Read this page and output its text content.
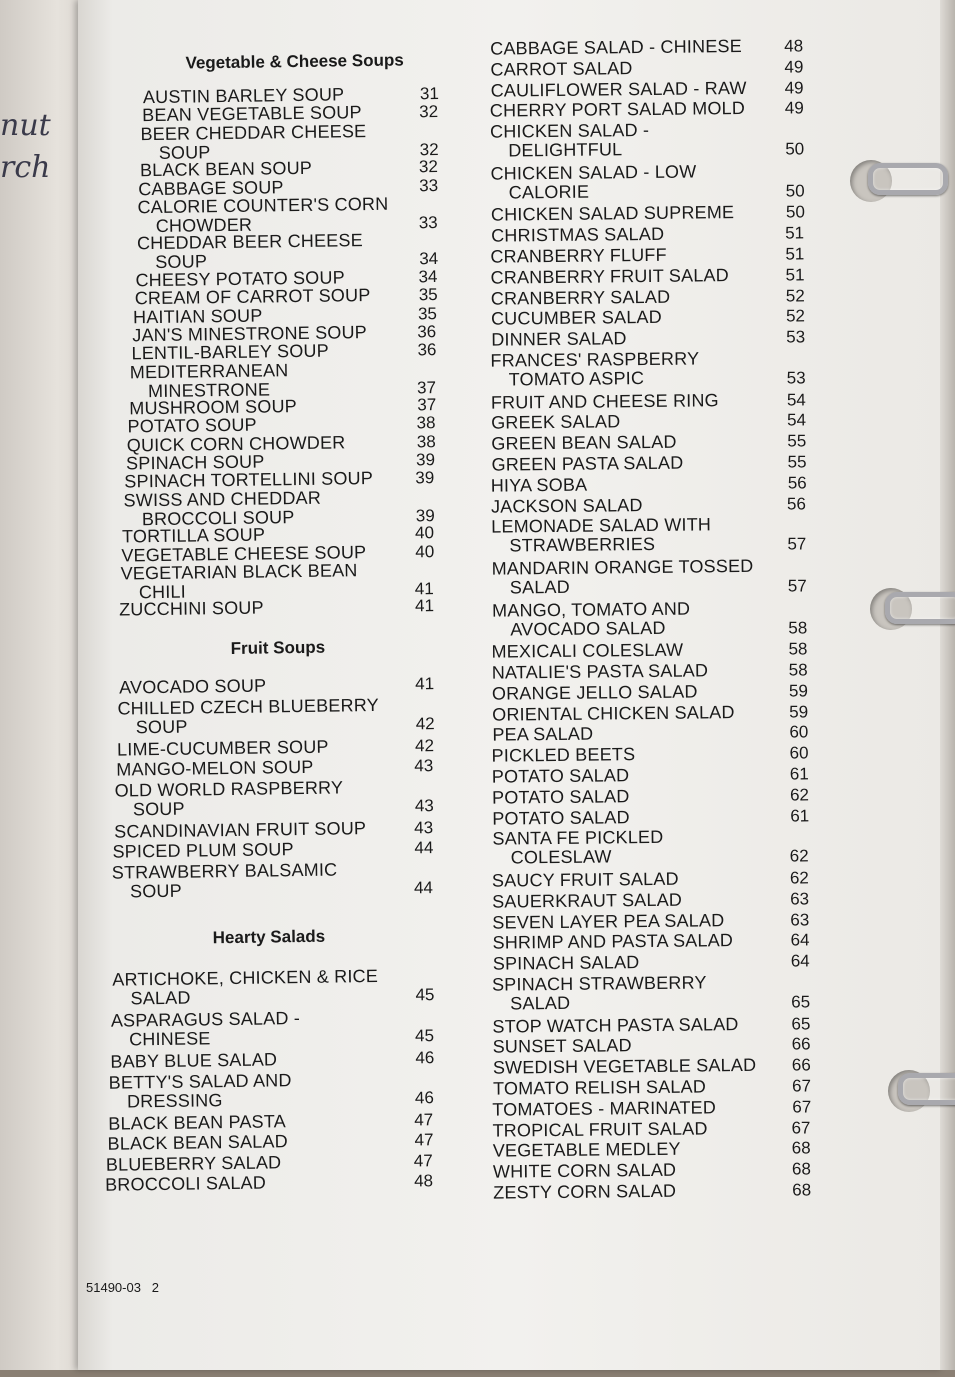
nut
rch
Vegetable & Cheese Soups
Fruit Soups
Hearty Salads
AUSTIN BARLEY SOUP	31
BEAN VEGETABLE SOUP	32
BEER CHEDDAR CHEESE
SOUP	32
BLACK BEAN SOUP	32
CABBAGE SOUP	33
CALORIE COUNTER'S CORN
CHOWDER	33
CHEDDAR BEER CHEESE
SOUP	34
CHEESY POTATO SOUP	34
CREAM OF CARROT SOUP	35
HAITIAN SOUP	35
JAN'S MINESTRONE SOUP	36
LENTIL-BARLEY SOUP	36
MEDITERRANEAN
MINESTRONE	37
MUSHROOM SOUP	37
POTATO SOUP	38
QUICK CORN CHOWDER	38
SPINACH SOUP	39
SPINACH TORTELLINI SOUP 39
SWISS AND CHEDDAR
BROCCOLI SOUP	39
TORTILLA SOUP	40
VEGETABLE CHEESE SOUP	40
VEGETARIAN BLACK BEAN
CHILI	41
ZUCCHINI SOUP	41
AVOCADO SOUP	41
CHILLED CZECH BLUEBERRY
SOUP	42
LIME-CUCUMBER SOUP	42
MANGO-MELON SOUP	43
OLD WORLD RASPBERRY
SOUP	43
SCANDINAVIAN FRUIT SOUP	43
SPICED PLUM SOUP	44
STRAWBERRY BALSAMIC
SOUP	44
ARTICHOKE, CHICKEN & RICE
SALAD	45
ASPARAGUS SALAD -
CHINESE	45
BABY BLUE SALAD	46
BETTY'S SALAD AND
DRESSING	46
BLACK BEAN PASTA	47
BLACK BEAN SALAD	47
BLUEBERRY SALAD	47
BROCCOLI SALAD	48
CABBAGE SALAD - CHINESE 48
CARROT SALAD	49
CAULIFLOWER SALAD - RAW 49
CHERRY PORT SALAD MOLD 49
CHICKEN SALAD -
DELIGHTFUL	50
CHICKEN SALAD - LOW
CALORIE	50
CHICKEN SALAD SUPREME	50
CHRISTMAS SALAD	51
CRANBERRY FLUFF	51
CRANBERRY FRUIT SALAD	51
CRANBERRY SALAD	52
CUCUMBER SALAD	52
DINNER SALAD	53
FRANCES' RASPBERRY
TOMATO ASPIC	53
FRUIT AND CHEESE RING	54
GREEK SALAD	54
GREEN BEAN SALAD	55
GREEN PASTA SALAD	55
HIYA SOBA	56
JACKSON SALAD	56
LEMONADE SALAD WITH
STRAWBERRIES	57
MANDARIN ORANGE TOSSED
SALAD	57
MANGO, TOMATO AND
AVOCADO SALAD	58
MEXICALI COLESLAW	58
NATALIE'S PASTA SALAD	58
ORANGE JELLO SALAD	59
ORIENTAL CHICKEN SALAD	59
PEA SALAD	60
PICKLED BEETS	60
POTATO SALAD	61
POTATO SALAD	62
POTATO SALAD	61
SANTA FE PICKLED
COLESLAW	62
SAUCY FRUIT SALAD	62
SAUERKRAUT SALAD	63
SEVEN LAYER PEA SALAD	63
SHRIMP AND PASTA SALAD	64
SPINACH SALAD	64
SPINACH STRAWBERRY
SALAD	65
STOP WATCH PASTA SALAD	65
SUNSET SALAD	66
SWEDISH VEGETABLE SALAD 66
TOMATO RELISH SALAD	67
TOMATOES - MARINATED	67
TROPICAL FRUIT SALAD	67
VEGETABLE MEDLEY	68
WHITE CORN SALAD	68
ZESTY CORN SALAD	68
51490-03 2
